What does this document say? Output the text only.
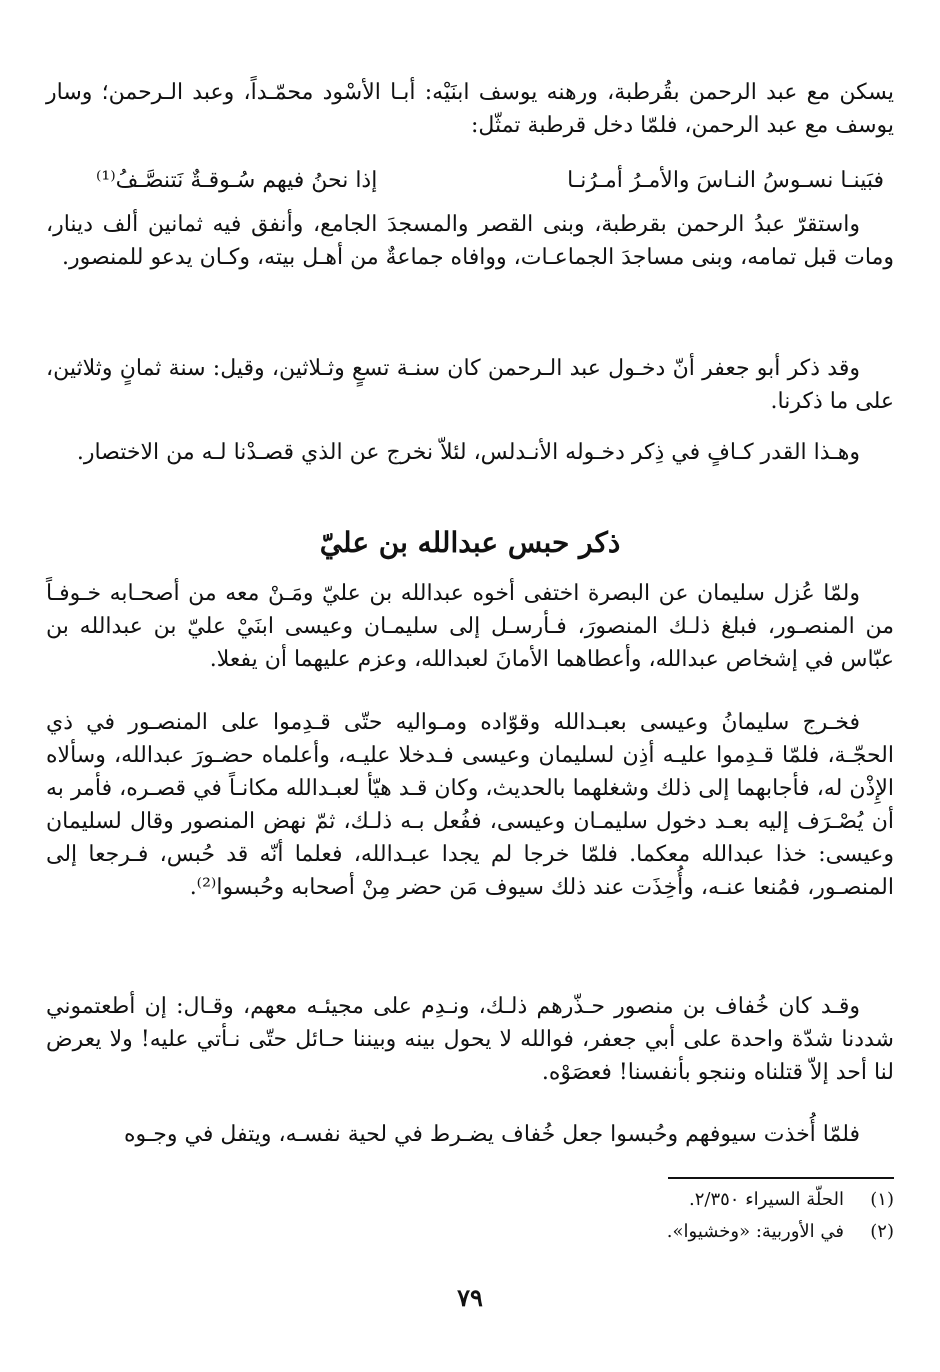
يسكن مع عبد الرحمن بقُرطبة، ورهنه يوسف ابنَيْه: أبـا الأسْود محمّـداً، وعبد الـرحمن؛ وسار يوسف مع عبد الرحمن، فلمّا دخل قرطبة تمثّل:
فبَينـا نسـوسُ النـاسَ والأمـرُ أمـرُنـا
إذا نحنُ فيهم سُـوقـةٌ نَتنصَّـفُ⁽¹⁾
واستقرّ عبدُ الرحمن بقرطبة، وبنى القصر والمسجدَ الجامع، وأنفق فيه ثمانين ألف دينار، ومات قبل تمامه، وبنى مساجدَ الجماعـات، ووافاه جماعةٌ من أهـل بيته، وكـان يدعو للمنصور.
وقد ذكر أبو جعفر أنّ دخـول عبد الـرحمن كان سنـة تسعٍ وثـلاثين، وقيل: سنة ثمانٍ وثلاثين، على ما ذكرنا.
وهـذا القدر كـافٍ في ذِكر دخـوله الأنـدلس، لئلاّ نخرج عن الذي قصـدْنا لـه من الاختصار.
ذكر حبس عبدالله بن عليّ
ولمّا عُزل سليمان عن البصرة اختفى أخوه عبدالله بن عليّ ومَـنْ معه من أصحـابه خـوفـاً من المنصـور، فبلغ ذلـك المنصورَ، فـأرسـل إلى سليمـان وعيسى ابنَيْ عليّ بن عبدالله بن عبّاس في إشخاص عبدالله، وأعطاهما الأمانَ لعبدالله، وعزم عليهما أن يفعلا.
فخـرج سليمانُ وعيسى بعبـدالله وقوّاده ومـواليه حتّى قـدِموا على المنصـور في ذي الحجّـة، فلمّا قـدِموا عليـه أذِن لسليمان وعيسى فـدخلا عليـه، وأعلماه حضـورَ عبدالله، وسألاه الإِذْن له، فأجابهما إلى ذلك وشغلهما بالحديث، وكان قـد هيّأ لعبـدالله مكانـاً في قصـره، فأمر به أن يُصْـرَف إليه بعـد دخول سليمـان وعيسى، ففُعل بـه ذلـك، ثمّ نهض المنصور وقال لسليمان وعيسى: خذا عبدالله معكما. فلمّا خرجا لم يجدا عبـدالله، فعلما أنّه قد حُبس، فـرجعا إلى المنصـور، فمُنعا عنـه، وأُخِذَت عند ذلك سيوف مَن حضر مِنْ أصحابه وحُبسوا⁽²⁾.
وقـد كان خُفاف بن منصور حـذّرهم ذلـك، ونـدِم على مجيئـه معهم، وقـال: إن أطعتموني شددنا شدّة واحدة على أبي جعفر، فوالله لا يحول بينه وبيننا حـائل حتّى نـأتي عليه! ولا يعرض لنا أحد إلاّ قتلناه وننجو بأنفسنا! فعصَوْه.
فلمّا أُخذت سيوفهم وحُبسوا جعل خُفاف يضـرط في لحية نفسـه، ويتفل في وجـوه
(١)
الحلّة السيراء ٢/٣٥٠.
(٢)
في الأوربية: «وخشيوا».
٧٩
